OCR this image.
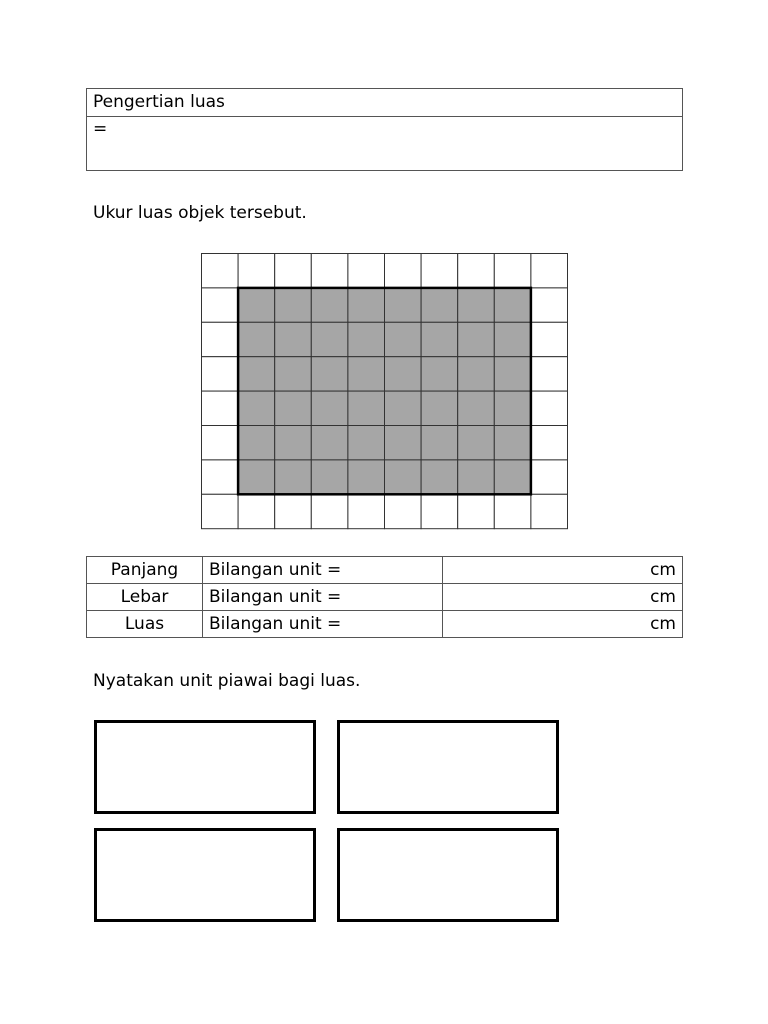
Pengertian luas
=
Ukur luas objek tersebut.
Panjang	Bilangan unit =	cm
Lebar	Bilangan unit =	cm
Luas	Bilangan unit =	cm
Nyatakan unit piawai bagi luas.
